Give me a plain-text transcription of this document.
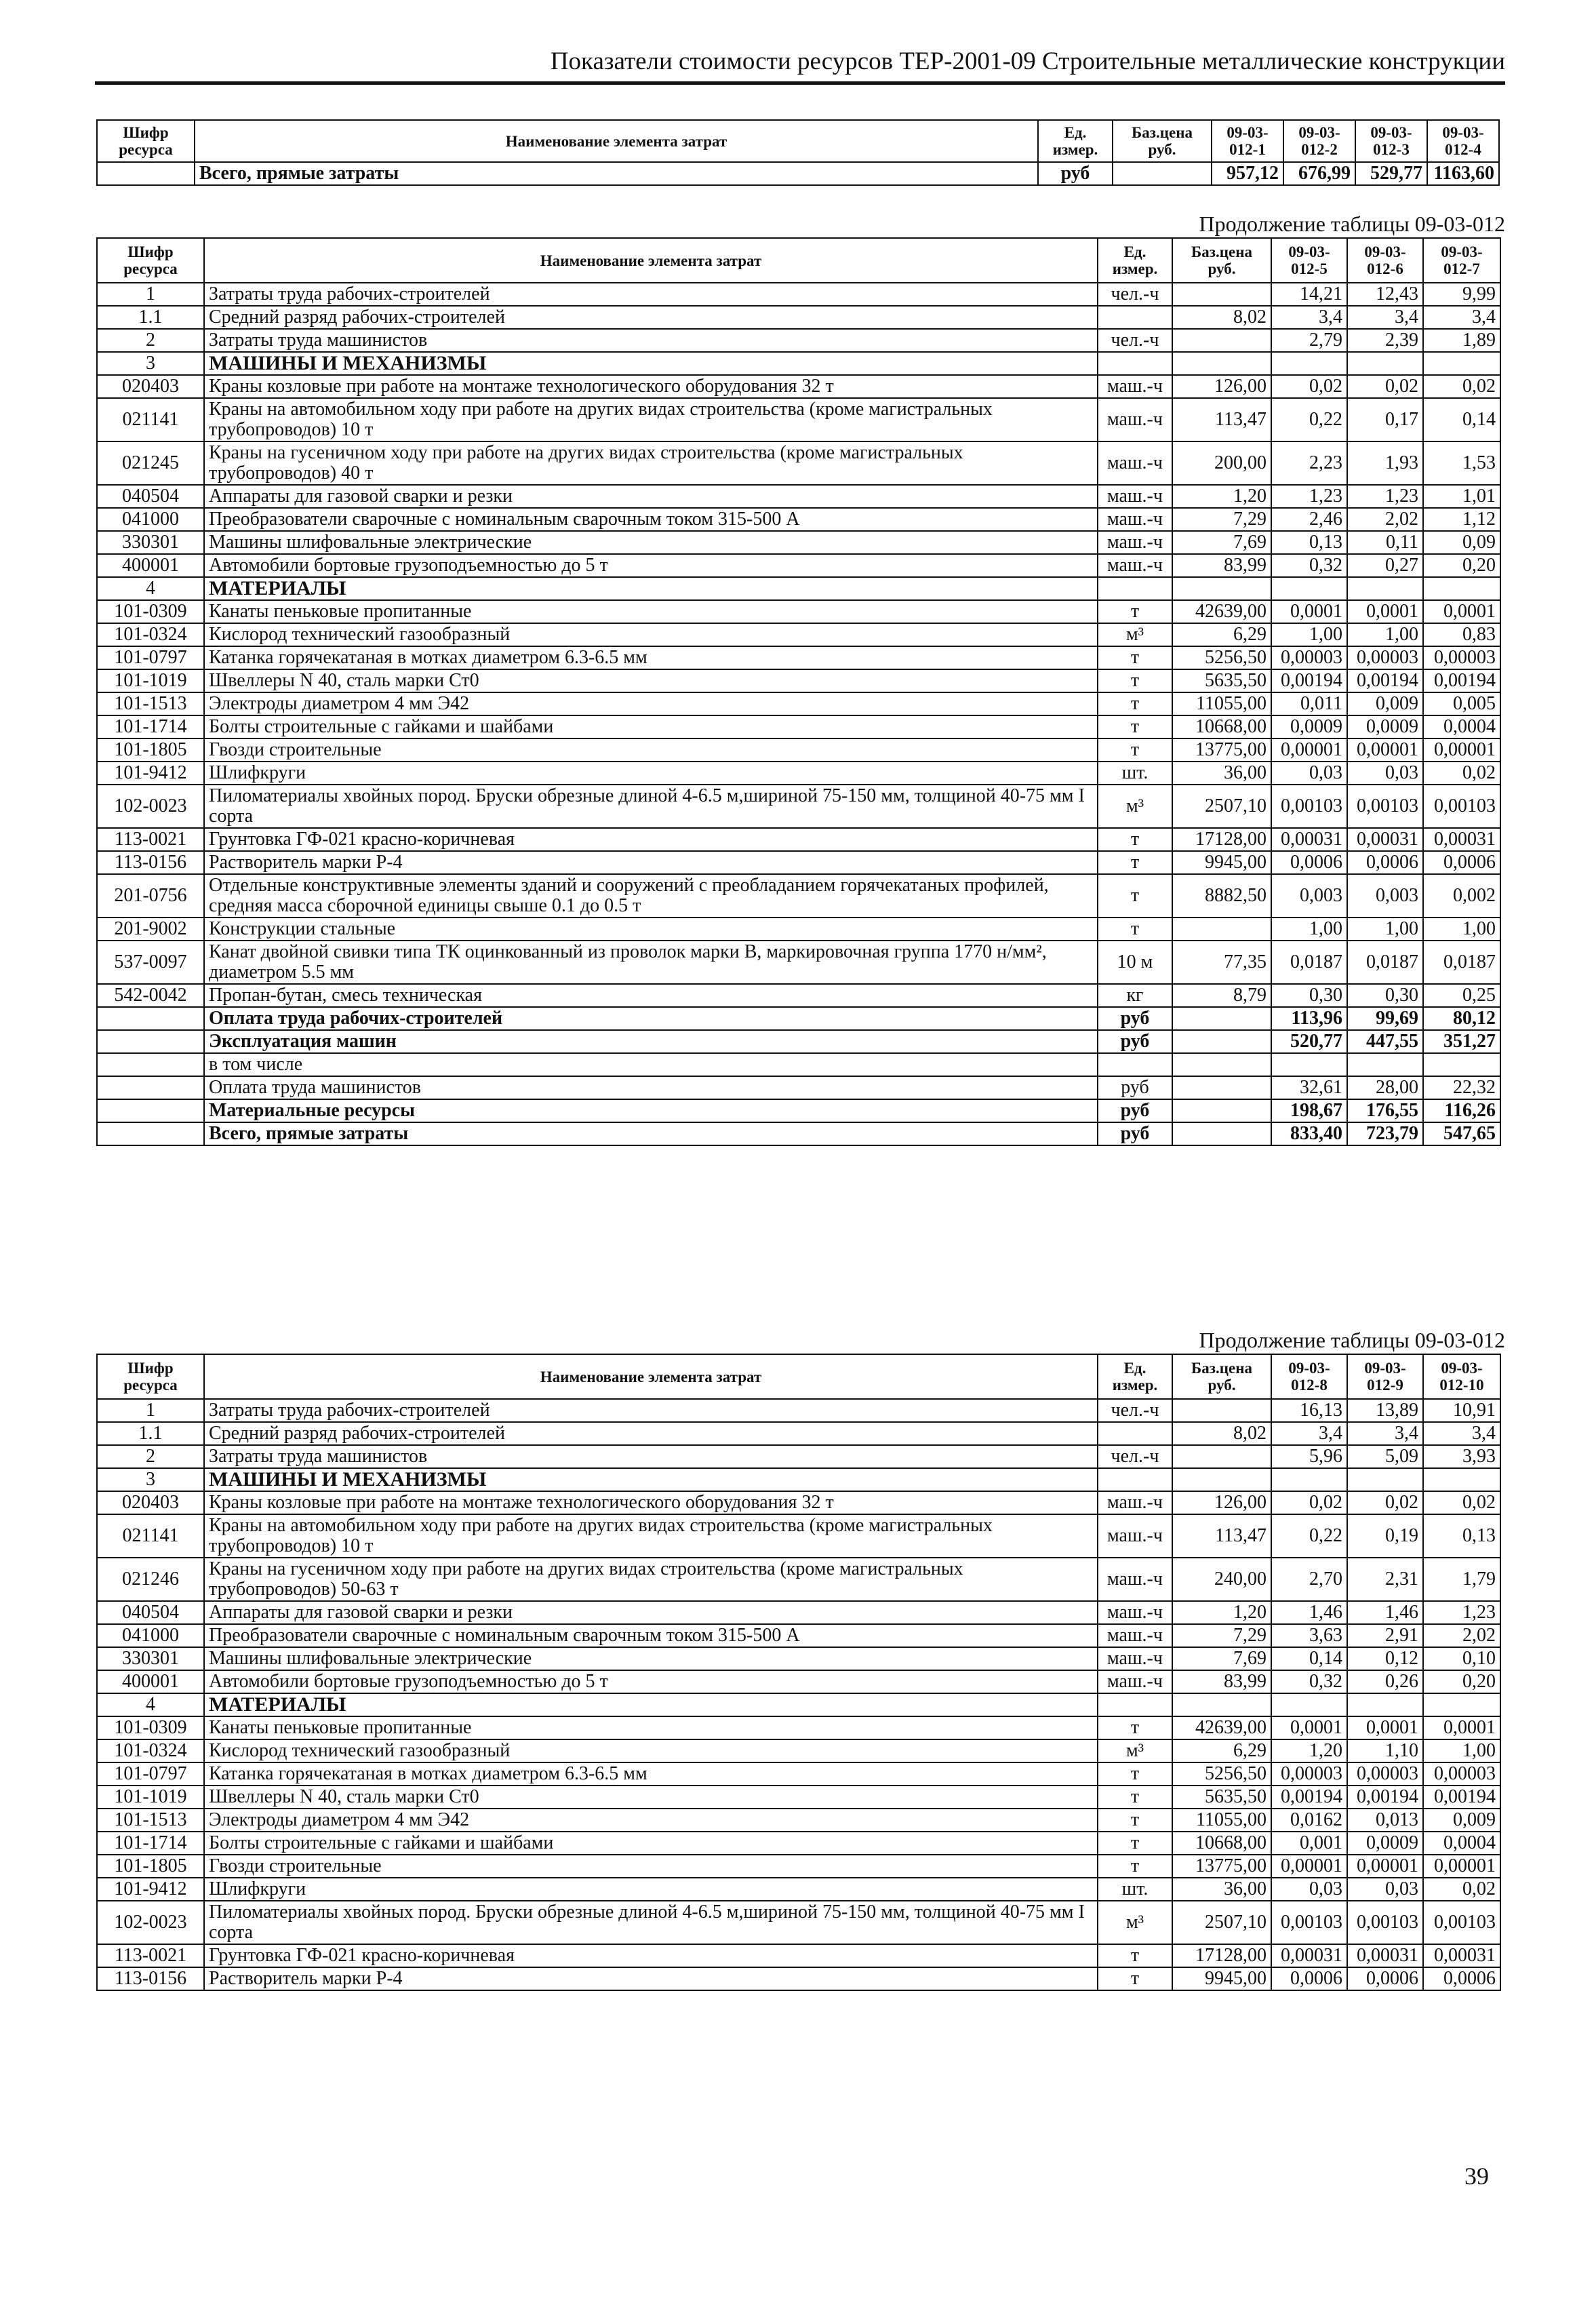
Показатели стоимости ресурсов ТЕР-2001-09 Строительные металлические конструкции
Шифр ресурса	Наименование элемента затрат	Ед. измер.	Баз.цена руб.	09-03-012-1	09-03-012-2	09-03-012-3	09-03-012-4
	Всего, прямые затраты	руб		957,12	676,99	529,77	1163,60
Продолжение таблицы 09-03-012
Шифр ресурса	Наименование элемента затрат	Ед. измер.	Баз.цена руб.	09-03-012-5	09-03-012-6	09-03-012-7
1	Затраты труда рабочих-строителей	чел.-ч		14,21	12,43	9,99
1.1	Средний разряд рабочих-строителей		8,02	3,4	3,4	3,4
2	Затраты труда машинистов	чел.-ч		2,79	2,39	1,89
3	МАШИНЫ И МЕХАНИЗМЫ					
020403	Краны козловые при работе на монтаже технологического оборудования 32 т	маш.-ч	126,00	0,02	0,02	0,02
021141	Краны на автомобильном ходу при работе на других видах строительства (кроме магистральных трубопроводов) 10 т	маш.-ч	113,47	0,22	0,17	0,14
021245	Краны на гусеничном ходу при работе на других видах строительства (кроме магистральных трубопроводов) 40 т	маш.-ч	200,00	2,23	1,93	1,53
040504	Аппараты для газовой сварки и резки	маш.-ч	1,20	1,23	1,23	1,01
041000	Преобразователи сварочные с номинальным сварочным током 315-500 А	маш.-ч	7,29	2,46	2,02	1,12
330301	Машины шлифовальные электрические	маш.-ч	7,69	0,13	0,11	0,09
400001	Автомобили бортовые грузоподъемностью до 5 т	маш.-ч	83,99	0,32	0,27	0,20
4	МАТЕРИАЛЫ					
101-0309	Канаты пеньковые пропитанные	т	42639,00	0,0001	0,0001	0,0001
101-0324	Кислород технический газообразный	м³	6,29	1,00	1,00	0,83
101-0797	Катанка горячекатаная в мотках диаметром 6.3-6.5 мм	т	5256,50	0,00003	0,00003	0,00003
101-1019	Швеллеры N 40, сталь марки Ст0	т	5635,50	0,00194	0,00194	0,00194
101-1513	Электроды диаметром 4 мм Э42	т	11055,00	0,011	0,009	0,005
101-1714	Болты строительные с гайками и шайбами	т	10668,00	0,0009	0,0009	0,0004
101-1805	Гвозди строительные	т	13775,00	0,00001	0,00001	0,00001
101-9412	Шлифкруги	шт.	36,00	0,03	0,03	0,02
102-0023	Пиломатериалы хвойных пород. Бруски обрезные длиной 4-6.5 м,шириной 75-150 мм, толщиной 40-75 мм I сорта	м³	2507,10	0,00103	0,00103	0,00103
113-0021	Грунтовка ГФ-021 красно-коричневая	т	17128,00	0,00031	0,00031	0,00031
113-0156	Растворитель марки Р-4	т	9945,00	0,0006	0,0006	0,0006
201-0756	Отдельные конструктивные элементы зданий и сооружений с преобладанием горячекатаных профилей, средняя масса сборочной единицы свыше 0.1 до 0.5 т	т	8882,50	0,003	0,003	0,002
201-9002	Конструкции стальные	т		1,00	1,00	1,00
537-0097	Канат двойной свивки типа ТК оцинкованный из проволок марки В, маркировочная группа 1770 н/мм², диаметром 5.5 мм	10 м	77,35	0,0187	0,0187	0,0187
542-0042	Пропан-бутан, смесь техническая	кг	8,79	0,30	0,30	0,25
	Оплата труда рабочих-строителей	руб		113,96	99,69	80,12
	Эксплуатация машин	руб		520,77	447,55	351,27
	в том числе					
	Оплата труда машинистов	руб		32,61	28,00	22,32
	Материальные ресурсы	руб		198,67	176,55	116,26
	Всего, прямые затраты	руб		833,40	723,79	547,65
Продолжение таблицы 09-03-012
Шифр ресурса	Наименование элемента затрат	Ед. измер.	Баз.цена руб.	09-03-012-8	09-03-012-9	09-03-012-10
1	Затраты труда рабочих-строителей	чел.-ч		16,13	13,89	10,91
1.1	Средний разряд рабочих-строителей		8,02	3,4	3,4	3,4
2	Затраты труда машинистов	чел.-ч		5,96	5,09	3,93
3	МАШИНЫ И МЕХАНИЗМЫ					
020403	Краны козловые при работе на монтаже технологического оборудования 32 т	маш.-ч	126,00	0,02	0,02	0,02
021141	Краны на автомобильном ходу при работе на других видах строительства (кроме магистральных трубопроводов) 10 т	маш.-ч	113,47	0,22	0,19	0,13
021246	Краны на гусеничном ходу при работе на других видах строительства (кроме магистральных трубопроводов) 50-63 т	маш.-ч	240,00	2,70	2,31	1,79
040504	Аппараты для газовой сварки и резки	маш.-ч	1,20	1,46	1,46	1,23
041000	Преобразователи сварочные с номинальным сварочным током 315-500 А	маш.-ч	7,29	3,63	2,91	2,02
330301	Машины шлифовальные электрические	маш.-ч	7,69	0,14	0,12	0,10
400001	Автомобили бортовые грузоподъемностью до 5 т	маш.-ч	83,99	0,32	0,26	0,20
4	МАТЕРИАЛЫ					
101-0309	Канаты пеньковые пропитанные	т	42639,00	0,0001	0,0001	0,0001
101-0324	Кислород технический газообразный	м³	6,29	1,20	1,10	1,00
101-0797	Катанка горячекатаная в мотках диаметром 6.3-6.5 мм	т	5256,50	0,00003	0,00003	0,00003
101-1019	Швеллеры N 40, сталь марки Ст0	т	5635,50	0,00194	0,00194	0,00194
101-1513	Электроды диаметром 4 мм Э42	т	11055,00	0,0162	0,013	0,009
101-1714	Болты строительные с гайками и шайбами	т	10668,00	0,001	0,0009	0,0004
101-1805	Гвозди строительные	т	13775,00	0,00001	0,00001	0,00001
101-9412	Шлифкруги	шт.	36,00	0,03	0,03	0,02
102-0023	Пиломатериалы хвойных пород. Бруски обрезные длиной 4-6.5 м,шириной 75-150 мм, толщиной 40-75 мм I сорта	м³	2507,10	0,00103	0,00103	0,00103
113-0021	Грунтовка ГФ-021 красно-коричневая	т	17128,00	0,00031	0,00031	0,00031
113-0156	Растворитель марки Р-4	т	9945,00	0,0006	0,0006	0,0006
39
